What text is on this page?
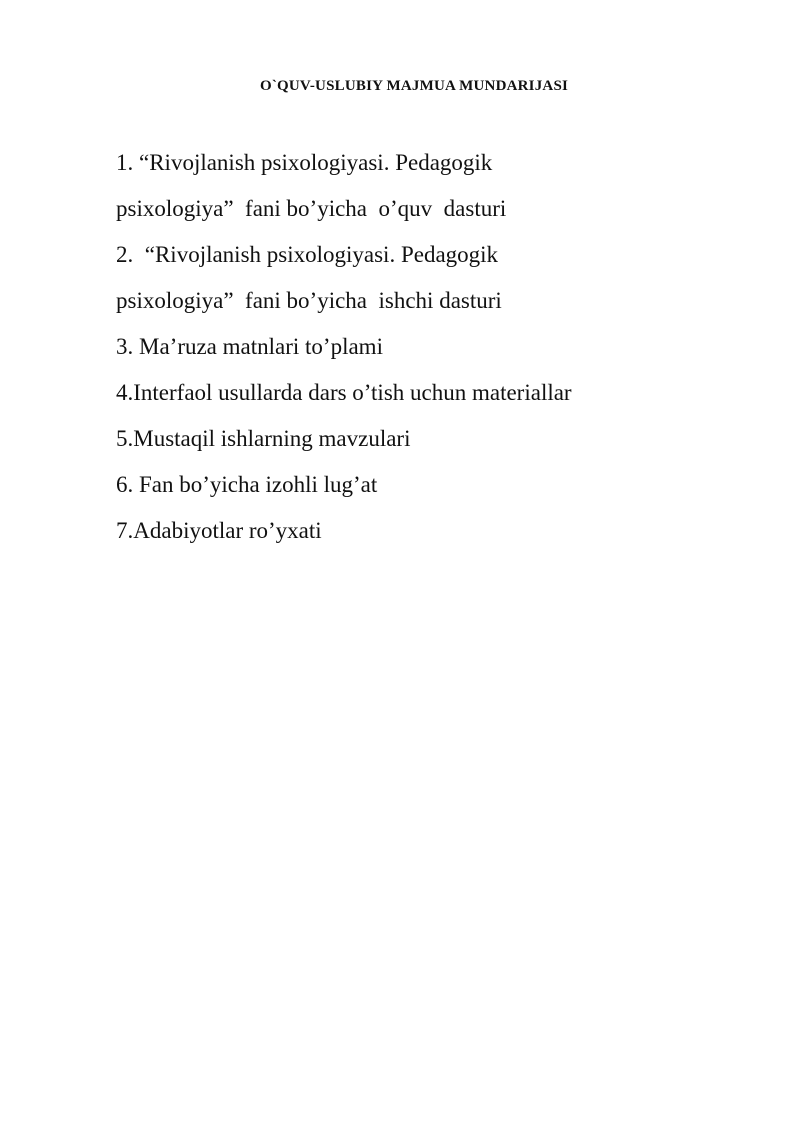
O`QUV-USLUBIY MAJMUA MUNDARIJASI
1. “Rivojlanish psixologiyasi. Pedagogik
psixologiya”  fani bo’yicha  o’quv  dasturi
2.  “Rivojlanish psixologiyasi. Pedagogik
psixologiya”  fani bo’yicha  ishchi dasturi
3. Ma’ruza matnlari to’plami
4.Interfaol usullarda dars o’tish uchun materiallar
5.Mustaqil ishlarning mavzulari
6. Fan bo’yicha izohli lug’at
7.Adabiyotlar ro’yxati
